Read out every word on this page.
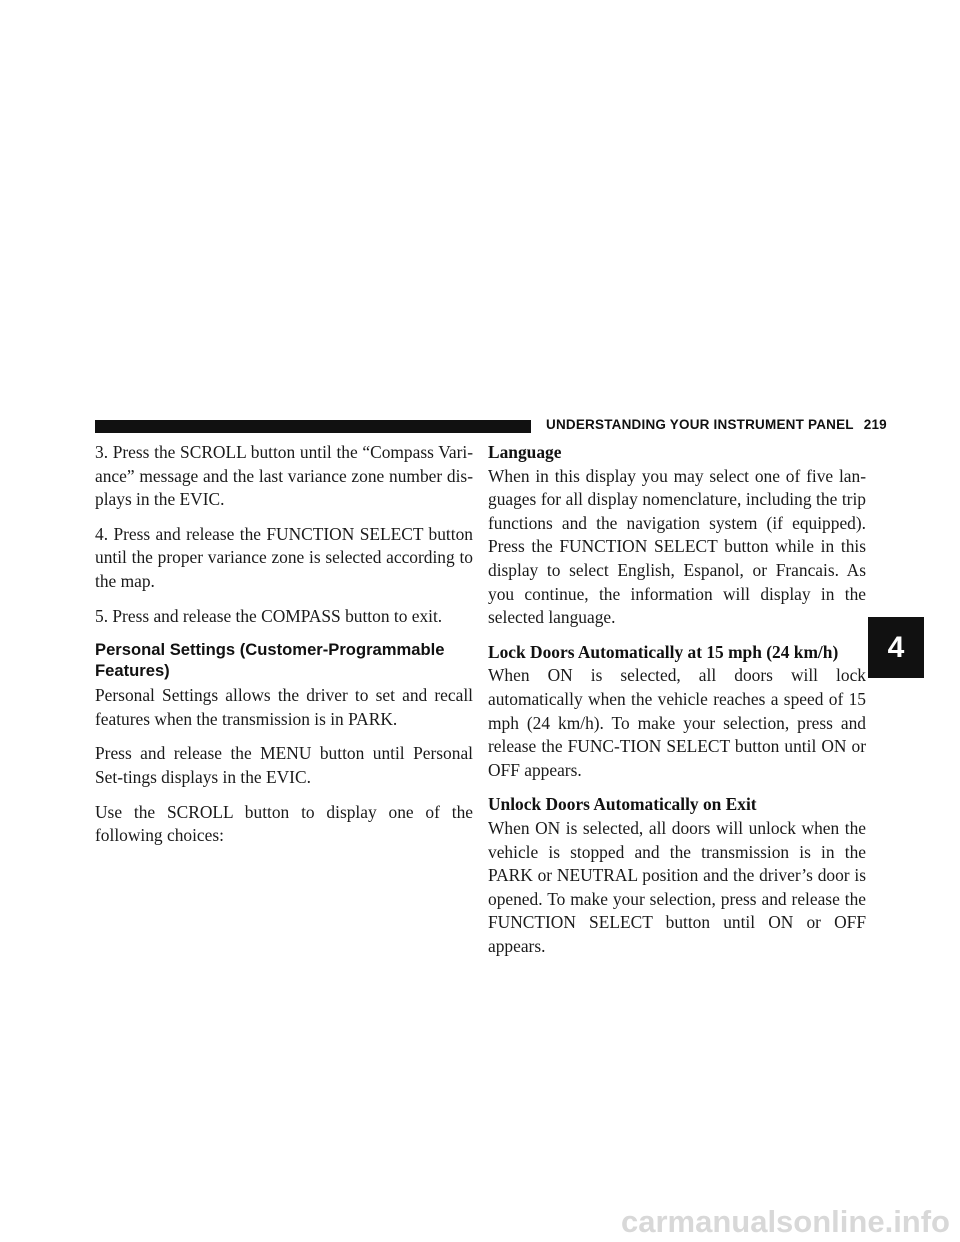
UNDERSTANDING YOUR INSTRUMENT PANEL 219
4

3. Press the SCROLL button until the “Compass Vari-ance” message and the last variance zone number dis-plays in the EVIC.

4. Press and release the FUNCTION SELECT button until the proper variance zone is selected according to the map.

5. Press and release the COMPASS button to exit.

Personal Settings (Customer-Programmable Features)

Personal Settings allows the driver to set and recall features when the transmission is in PARK.

Press and release the MENU button until Personal Set-tings displays in the EVIC.

Use the SCROLL button to display one of the following choices:

Language

When in this display you may select one of five lan-guages for all display nomenclature, including the trip functions and the navigation system (if equipped). Press the FUNCTION SELECT button while in this display to select English, Espanol, or Francais. As you continue, the information will display in the selected language.

Lock Doors Automatically at 15 mph (24 km/h)

When ON is selected, all doors will lock automatically when the vehicle reaches a speed of 15 mph (24 km/h). To make your selection, press and release the FUNC-TION SELECT button until ON or OFF appears.

Unlock Doors Automatically on Exit

When ON is selected, all doors will unlock when the vehicle is stopped and the transmission is in the PARK or NEUTRAL position and the driver’s door is opened. To make your selection, press and release the FUNCTION SELECT button until ON or OFF appears.

carmanualsonline.info
